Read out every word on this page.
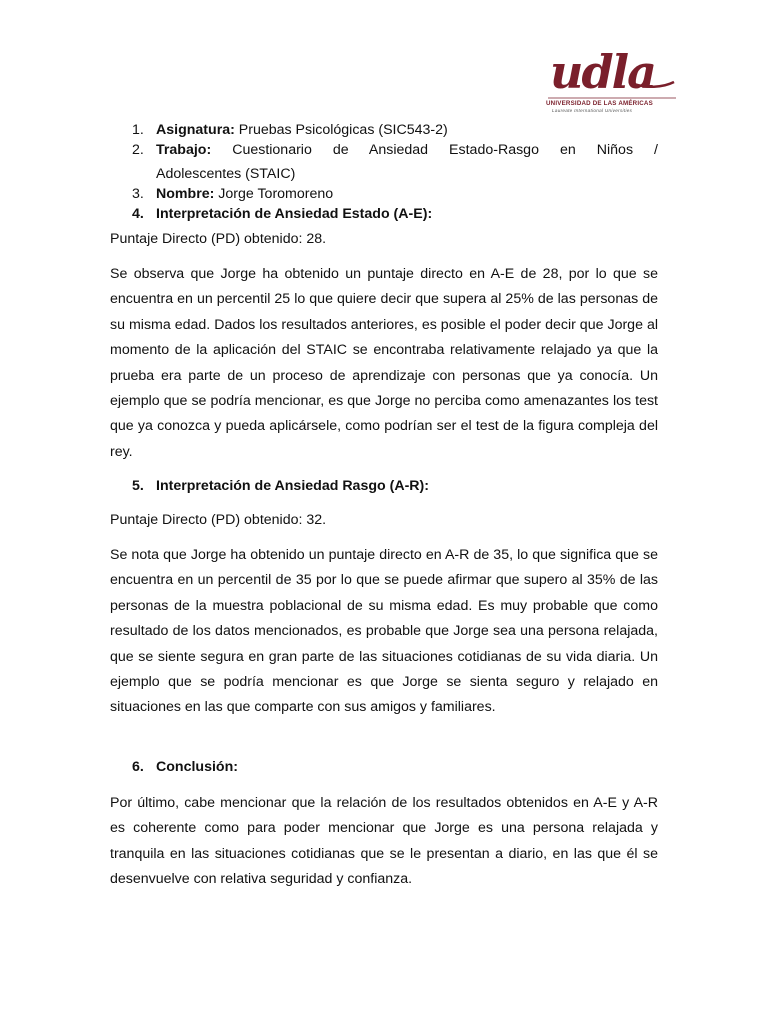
udla
UNIVERSIDAD DE LAS AMÉRICAS
Laureate International Universities
1. Asignatura: Pruebas Psicológicas (SIC543-2)
2. Trabajo: Cuestionario de Ansiedad Estado-Rasgo en Niños /
Adolescentes (STAIC)
3. Nombre: Jorge Toromoreno
4. Interpretación de Ansiedad Estado (A-E):

Puntaje Directo (PD) obtenido: 28.

Se observa que Jorge ha obtenido un puntaje directo en A-E de 28, por lo que se encuentra en un percentil 25 lo que quiere decir que supera al 25% de las personas de su misma edad. Dados los resultados anteriores, es posible el poder decir que Jorge al momento de la aplicación del STAIC se encontraba relativamente relajado ya que la prueba era parte de un proceso de aprendizaje con personas que ya conocía. Un ejemplo que se podría mencionar, es que Jorge no perciba como amenazantes los test que ya conozca y pueda aplicársele, como podrían ser el test de la figura compleja del rey.

5. Interpretación de Ansiedad Rasgo (A-R):

Puntaje Directo (PD) obtenido: 32.

Se nota que Jorge ha obtenido un puntaje directo en A-R de 35, lo que significa que se encuentra en un percentil de 35 por lo que se puede afirmar que supero al 35% de las personas de la muestra poblacional de su misma edad. Es muy probable que como resultado de los datos mencionados, es probable que Jorge sea una persona relajada, que se siente segura en gran parte de las situaciones cotidianas de su vida diaria. Un ejemplo que se podría mencionar es que Jorge se sienta seguro y relajado en situaciones en las que comparte con sus amigos y familiares.

6. Conclusión:

Por último, cabe mencionar que la relación de los resultados obtenidos en A-E y A-R es coherente como para poder mencionar que Jorge es una persona relajada y tranquila en las situaciones cotidianas que se le presentan a diario, en las que él se desenvuelve con relativa seguridad y confianza.
